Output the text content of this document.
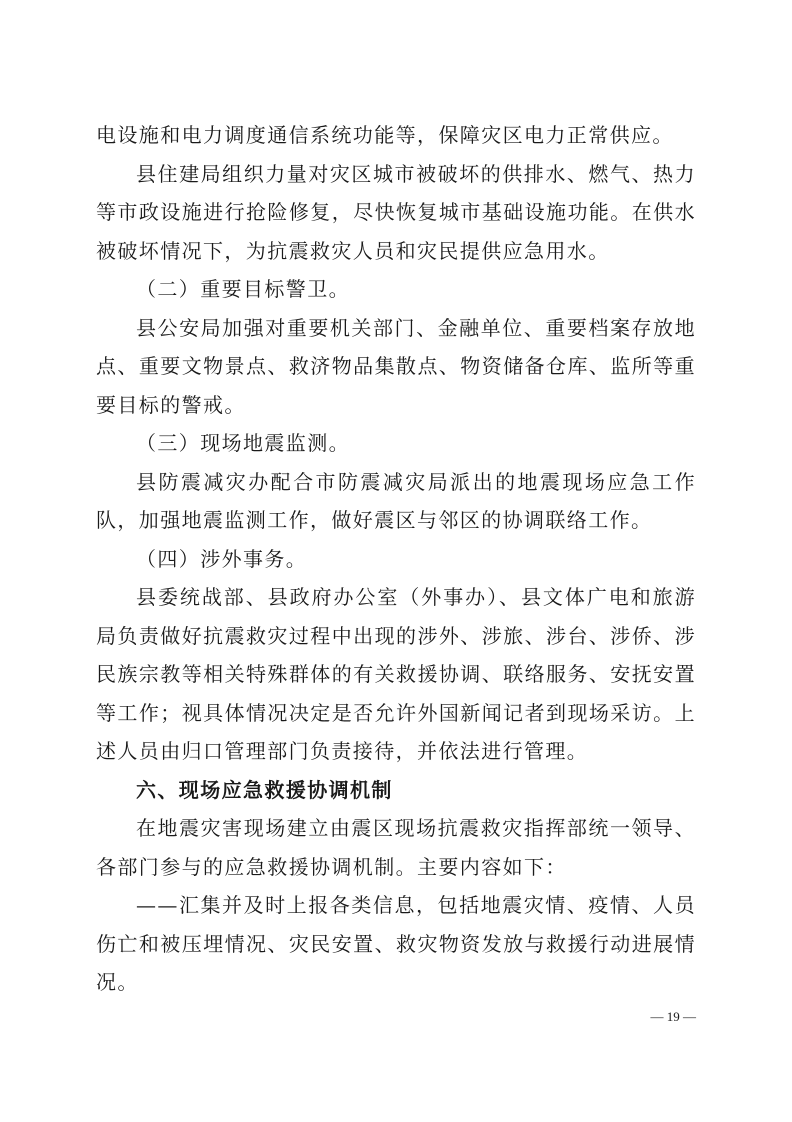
电设施和电力调度通信系统功能等，保障灾区电力正常供应。
县住建局组织力量对灾区城市被破坏的供排水、燃气、热力
等市政设施进行抢险修复，尽快恢复城市基础设施功能。在供水
被破坏情况下，为抗震救灾人员和灾民提供应急用水。
（二）重要目标警卫。
县公安局加强对重要机关部门、金融单位、重要档案存放地
点、重要文物景点、救济物品集散点、物资储备仓库、监所等重
要目标的警戒。
（三）现场地震监测。
县防震减灾办配合市防震减灾局派出的地震现场应急工作
队，加强地震监测工作，做好震区与邻区的协调联络工作。
（四）涉外事务。
县委统战部、县政府办公室（外事办）、县文体广电和旅游
局负责做好抗震救灾过程中出现的涉外、涉旅、涉台、涉侨、涉
民族宗教等相关特殊群体的有关救援协调、联络服务、安抚安置
等工作；视具体情况决定是否允许外国新闻记者到现场采访。上
述人员由归口管理部门负责接待，并依法进行管理。
六、现场应急救援协调机制
在地震灾害现场建立由震区现场抗震救灾指挥部统一领导、
各部门参与的应急救援协调机制。主要内容如下：
——汇集并及时上报各类信息，包括地震灾情、疫情、人员
伤亡和被压埋情况、灾民安置、救灾物资发放与救援行动进展情
况。
— 19 —
